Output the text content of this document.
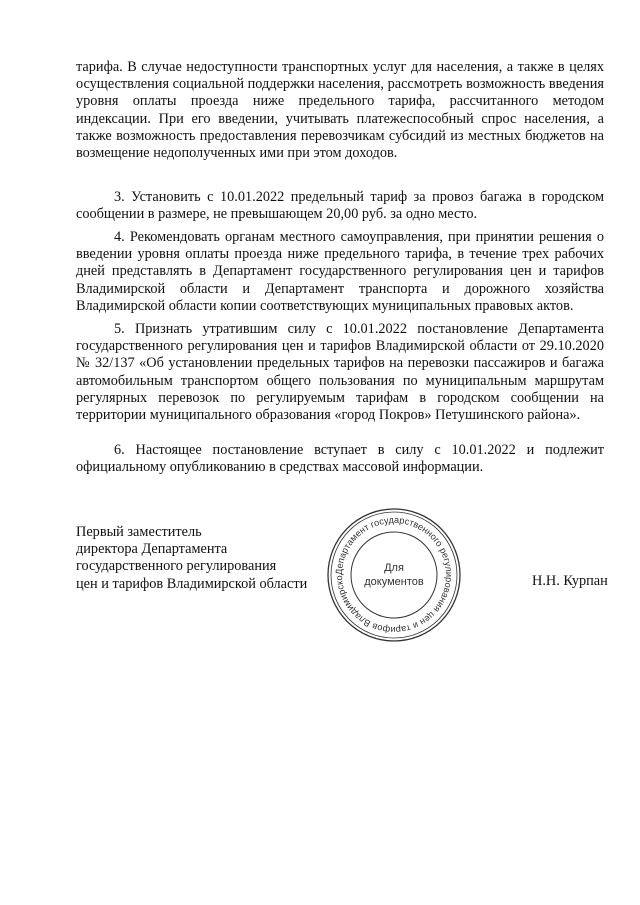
тарифа. В случае недоступности транспортных услуг для населения, а также в целях осуществления социальной поддержки населения, рассмотреть возможность введения уровня оплаты проезда ниже предельного тарифа, рассчитанного методом индексации. При его введении, учитывать платежеспособный спрос населения, а также возможность предоставления перевозчикам субсидий из местных бюджетов на возмещение недополученных ими при этом доходов.

3. Установить с 10.01.2022 предельный тариф за провоз багажа в городском сообщении в размере, не превышающем 20,00 руб. за одно место.

4. Рекомендовать органам местного самоуправления, при принятии решения о введении уровня оплаты проезда ниже предельного тарифа, в течение трех рабочих дней представлять в Департамент государственного регулирования цен и тарифов Владимирской области и Департамент транспорта и дорожного хозяйства Владимирской области копии соответствующих муниципальных правовых актов.

5. Признать утратившим силу с 10.01.2022 постановление Департамента государственного регулирования цен и тарифов Владимирской области от 29.10.2020 № 32/137 «Об установлении предельных тарифов на перевозки пассажиров и багажа автомобильным транспортом общего пользования по муниципальным маршрутам регулярных перевозок по регулируемым тарифам в городском сообщении на территории муниципального образования «город Покров» Петушинского района».

6. Настоящее постановление вступает в силу с 10.01.2022 и подлежит официальному опубликованию в средствах массовой информации.

Первый заместитель
директора Департамента
государственного регулирования
цен и тарифов Владимирской области
Департамент государственного регулирования цен и тарифов Владимирско
Для
документов	Н.Н. Курпан
